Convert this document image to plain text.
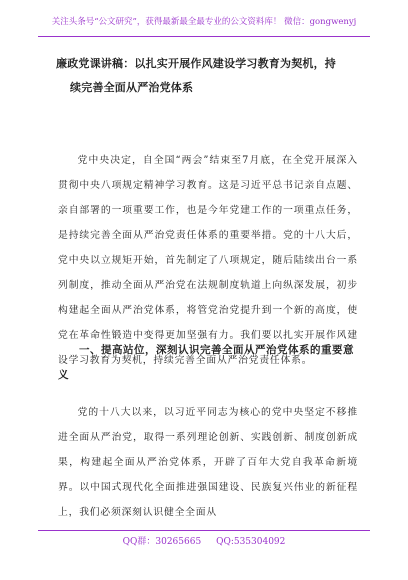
关注头条号“公文研究”，获得最新最全最专业的公文资料库！ 微信：gongwenyj
廉政党课讲稿：以扎实开展作风建设学习教育为契机，持
续完善全面从严治党体系
党中央决定，自全国“两会”结束至7月底，在全党开展深入贯彻中央八项规定精神学习教育。这是习近平总书记亲自点题、亲自部署的一项重要工作，也是今年党建工作的一项重点任务，是持续完善全面从严治党责任体系的重要举措。党的十八大后，党中央以立规矩开始，首先制定了八项规定，随后陆续出台一系列制度，推动全面从严治党在法规制度轨道上向纵深发展，初步构建起全面从严治党体系，将管党治党提升到一个新的高度，使党在革命性锻造中变得更加坚强有力。我们要以扎实开展作风建设学习教育为契机，持续完善全面从严治党责任体系。
一、提高站位，深刻认识完善全面从严治党体系的重要意义
党的十八大以来，以习近平同志为核心的党中央坚定不移推进全面从严治党，取得一系列理论创新、实践创新、制度创新成果，构建起全面从严治党体系，开辟了百年大党自我革命新境界。以中国式现代化全面推进强国建设、民族复兴伟业的新征程上，我们必须深刻认识健全全面从
QQ群：30265665 QQ:535304092
